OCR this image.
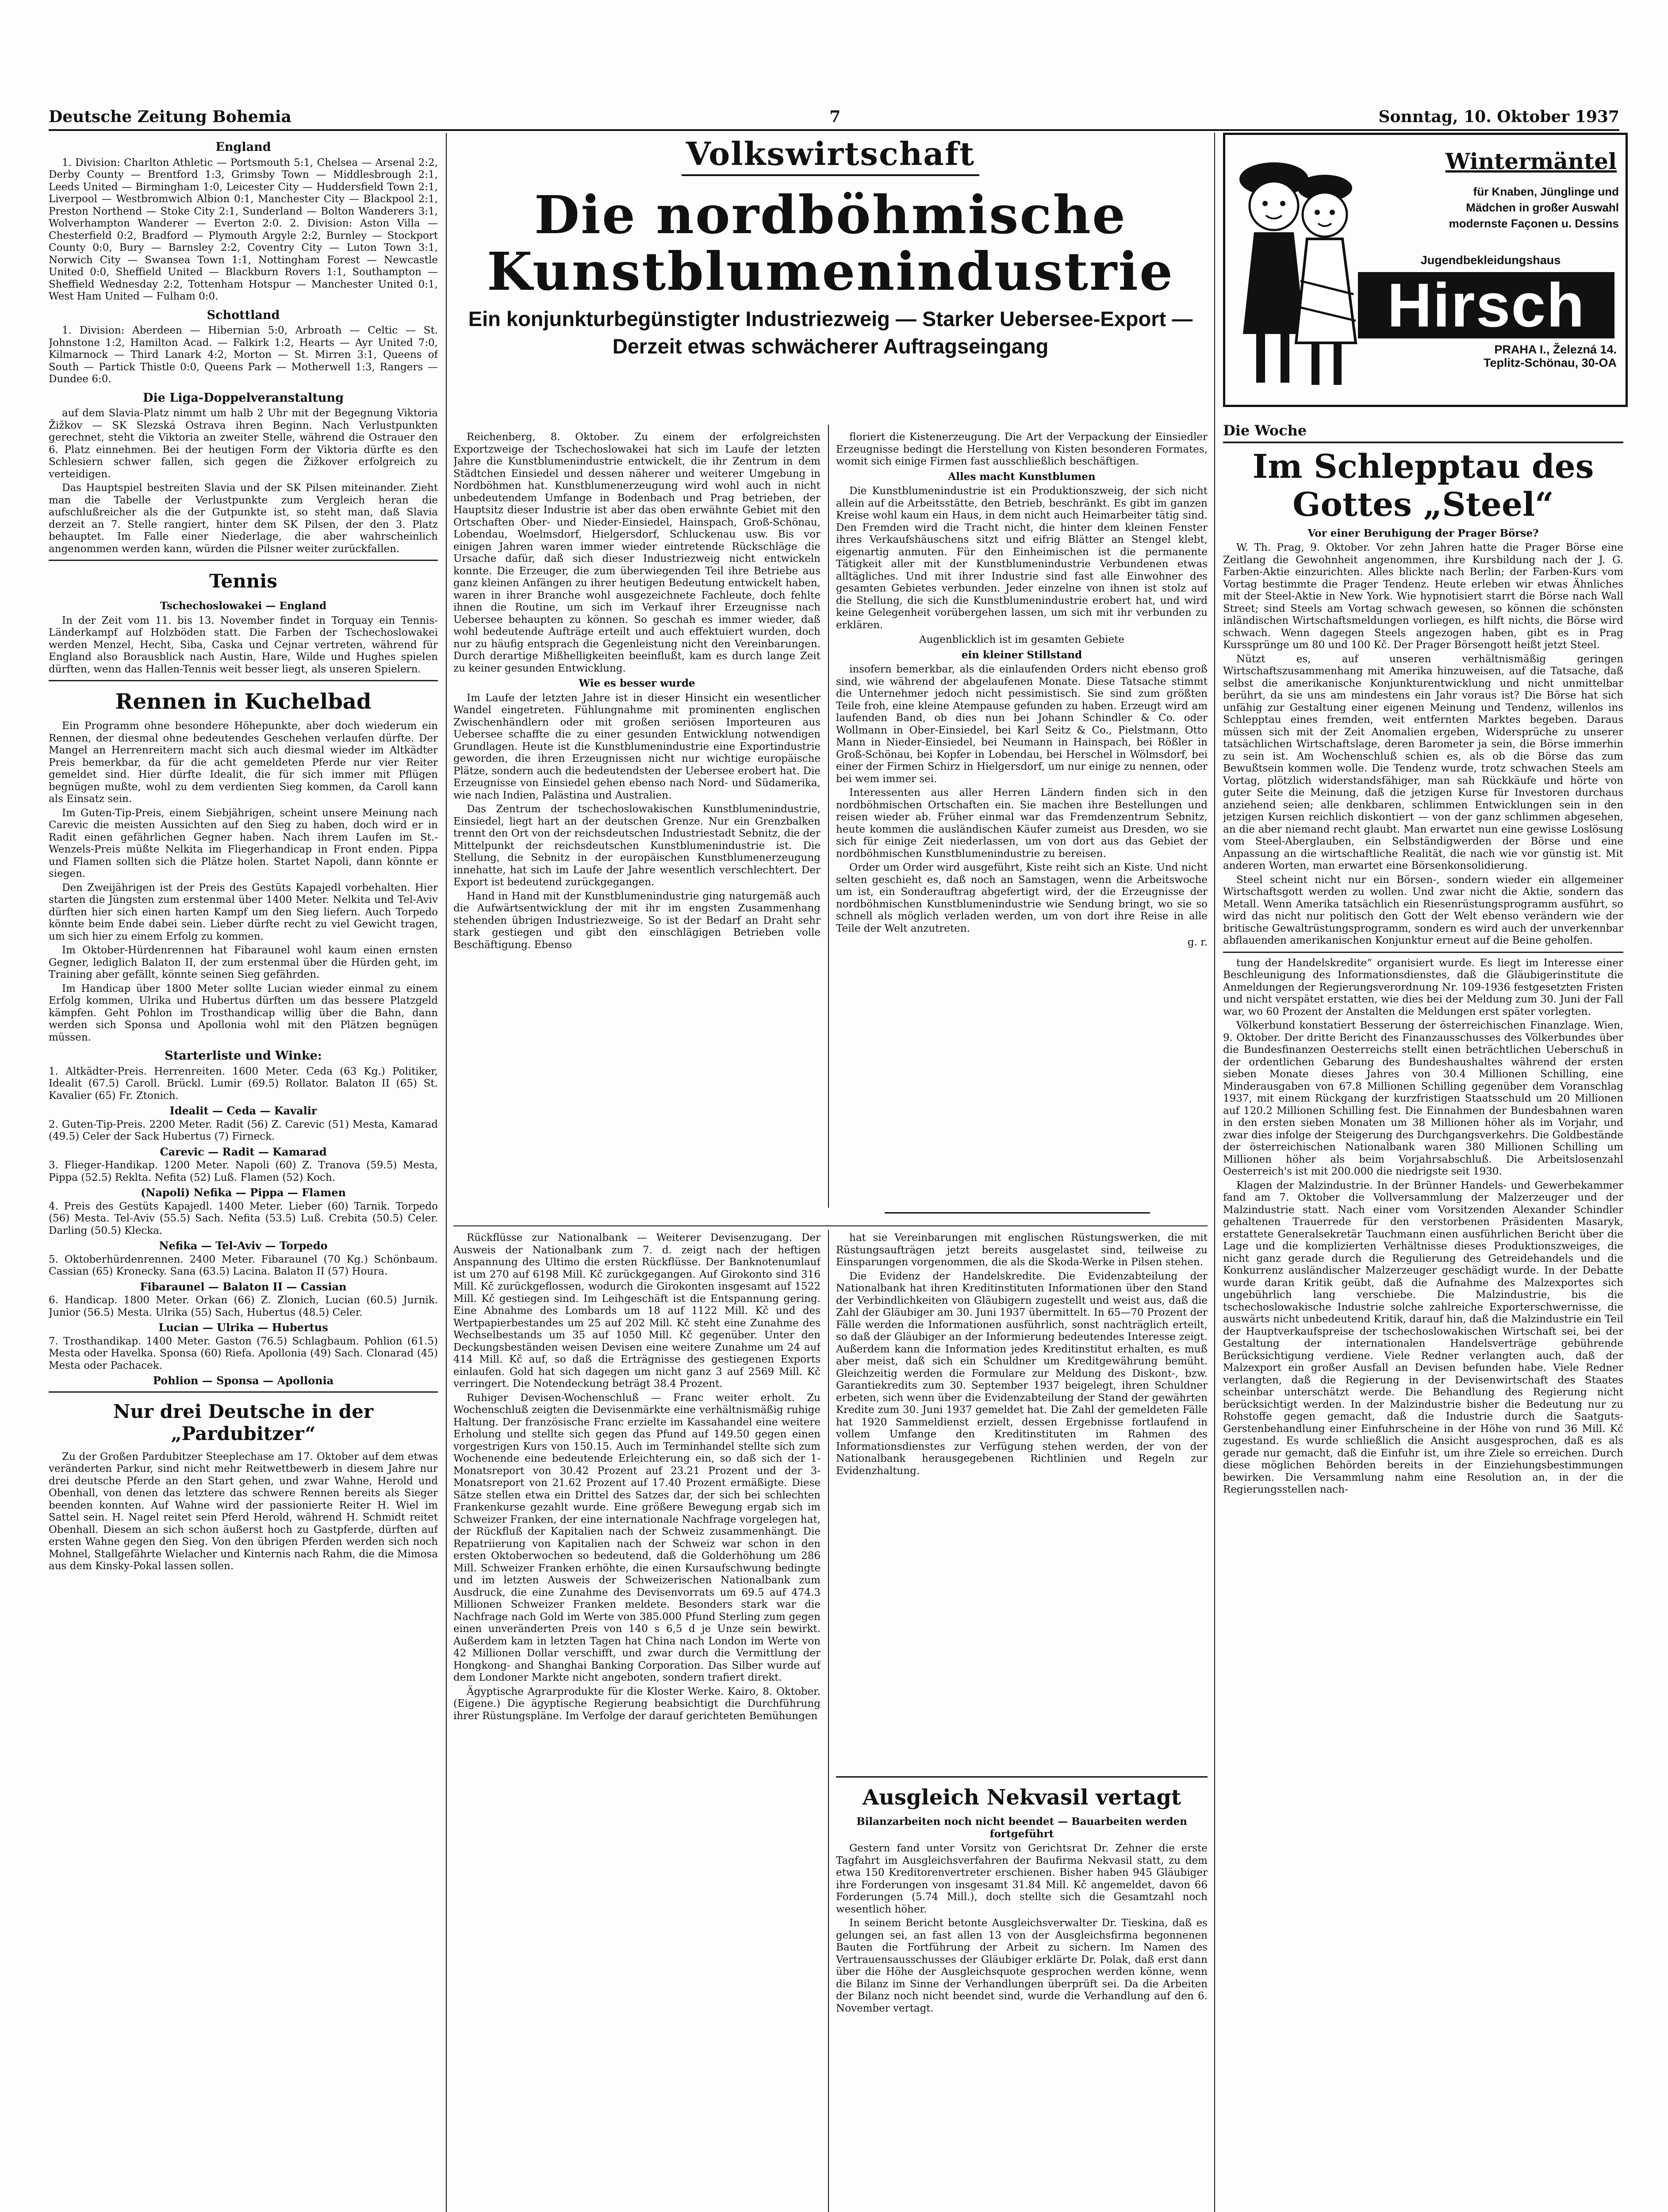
Deutsche Zeitung Bohemia	7	Sonntag, 10. Oktober 1937
England

1. Division: Charlton Athletic — Portsmouth 5:1, Chelsea — Arsenal 2:2, Derby County — Brentford 1:3, Grimsby Town — Middlesbrough 2:1, Leeds United — Birmingham 1:0, Leicester City — Huddersfield Town 2:1, Liverpool — Westbromwich Albion 0:1, Manchester City — Blackpool 2:1, Preston Northend — Stoke City 2:1, Sunderland — Bolton Wanderers 3:1, Wolverhampton Wanderer — Everton 2:0. 2. Division: Aston Villa — Chesterfield 0:2, Bradford — Plymouth Argyle 2:2, Burnley — Stockport County 0:0, Bury — Barnsley 2:2, Coventry City — Luton Town 3:1, Norwich City — Swansea Town 1:1, Nottingham Forest — Newcastle United 0:0, Sheffield United — Blackburn Rovers 1:1, Southampton — Sheffield Wednesday 2:2, Tottenham Hotspur — Manchester United 0:1, West Ham United — Fulham 0:0.

Schottland

1. Division: Aberdeen — Hibernian 5:0, Arbroath — Celtic — St. Johnstone 1:2, Hamilton Acad. — Falkirk 1:2, Hearts — Ayr United 7:0, Kilmarnock — Third Lanark 4:2, Morton — St. Mirren 3:1, Queens of South — Partick Thistle 0:0, Queens Park — Motherwell 1:3, Rangers — Dundee 6:0.

Die Liga-Doppelveranstaltung

auf dem Slavia-Platz nimmt um halb 2 Uhr mit der Begegnung Viktoria Žižkov — SK Slezská Ostrava ihren Beginn. Nach Verlustpunkten gerechnet, steht die Viktoria an zweiter Stelle, während die Ostrauer den 6. Platz einnehmen. Bei der heutigen Form der Viktoria dürfte es den Schlesiern schwer fallen, sich gegen die Žižkover erfolgreich zu verteidigen.

Das Hauptspiel bestreiten Slavia und der SK Pilsen miteinander. Zieht man die Tabelle der Verlustpunkte zum Vergleich heran die aufschlußreicher als die der Gutpunkte ist, so steht man, daß Slavia derzeit an 7. Stelle rangiert, hinter dem SK Pilsen, der den 3. Platz behauptet. Im Falle einer Niederlage, die aber wahrscheinlich angenommen werden kann, würden die Pilsner weiter zurückfallen.

Tennis
Tschechoslowakei — England

In der Zeit vom 11. bis 13. November findet in Torquay ein Tennis-Länderkampf auf Holzböden statt. Die Farben der Tschechoslowakei werden Menzel, Hecht, Siba, Caska und Cejnar vertreten, während für England also Borausblick nach Austin, Hare, Wilde und Hughes spielen dürften, wenn das Hallen-Tennis weit besser liegt, als unseren Spielern.

Rennen in Kuchelbad

Ein Programm ohne besondere Höhepunkte, aber doch wiederum ein Rennen, der diesmal ohne bedeutendes Geschehen verlaufen dürfte. Der Mangel an Herrenreitern macht sich auch diesmal wieder im Altkädter Preis bemerkbar, da für die acht gemeldeten Pferde nur vier Reiter gemeldet sind. Hier dürfte Idealit, die für sich immer mit Pflügen begnügen mußte, wohl zu dem verdienten Sieg kommen, da Caroll kann als Einsatz sein.

Im Guten-Tip-Preis, einem Siebjährigen, scheint unsere Meinung nach Carevic die meisten Aussichten auf den Sieg zu haben, doch wird er in Radit einen gefährlichen Gegner haben. Nach ihrem Laufen im St.-Wenzels-Preis müßte Nelkita im Fliegerhandicap in Front enden. Pippa und Flamen sollten sich die Plätze holen. Startet Napoli, dann könnte er siegen.

Den Zweijährigen ist der Preis des Gestüts Kapajedl vorbehalten. Hier starten die Jüngsten zum erstenmal über 1400 Meter. Nelkita und Tel-Aviv dürften hier sich einen harten Kampf um den Sieg liefern. Auch Torpedo könnte beim Ende dabei sein. Lieber dürfte recht zu viel Gewicht tragen, um sich hier zu einem Erfolg zu kommen.

Im Oktober-Hürdenrennen hat Fibaraunel wohl kaum einen ernsten Gegner, lediglich Balaton II, der zum erstenmal über die Hürden geht, im Training aber gefällt, könnte seinen Sieg gefährden.

Im Handicap über 1800 Meter sollte Lucian wieder einmal zu einem Erfolg kommen, Ulrika und Hubertus dürften um das bessere Platzgeld kämpfen. Geht Pohlon im Trosthandicap willig über die Bahn, dann werden sich Sponsa und Apollonia wohl mit den Plätzen begnügen müssen.

Starterliste und Winke:

1. Altkädter-Preis. Herrenreiten. 1600 Meter. Ceda (63 Kg.) Politiker, Idealit (67.5) Caroll. Brückl. Lumir (69.5) Rollator. Balaton II (65) St. Kavalier (65) Fr. Ztonich.

Idealit — Ceda — Kavalir

2. Guten-Tip-Preis. 2200 Meter. Radit (56) Z. Carevic (51) Mesta, Kamarad (49.5) Celer der Sack Hubertus (7) Firneck.

Carevic — Radit — Kamarad

3. Flieger-Handikap. 1200 Meter. Napoli (60) Z. Tranova (59.5) Mesta, Pippa (52.5) Reklta. Nefita (52) Luß. Flamen (52) Koch.

(Napoli) Nefika — Pippa — Flamen

4. Preis des Gestüts Kapajedl. 1400 Meter. Lieber (60) Tarnik. Torpedo (56) Mesta. Tel-Aviv (55.5) Sach. Nefita (53.5) Luß. Crebita (50.5) Celer. Darling (50.5) Klecka.

Nefika — Tel-Aviv — Torpedo

5. Oktoberhürdenrennen. 2400 Meter. Fibaraunel (70 Kg.) Schönbaum. Cassian (65) Kronecky. Sana (63.5) Lacina. Balaton II (57) Houra.

Fibaraunel — Balaton II — Cassian

6. Handicap. 1800 Meter. Orkan (66) Z. Zlonich, Lucian (60.5) Jurnik. Junior (56.5) Mesta. Ulrika (55) Sach, Hubertus (48.5) Celer.

Lucian — Ulrika — Hubertus

7. Trosthandikap. 1400 Meter. Gaston (76.5) Schlagbaum. Pohlion (61.5) Mesta oder Havelka. Sponsa (60) Riefa. Apollonia (49) Sach. Clonarad (45) Mesta oder Pachacek.

Pohlion — Sponsa — Apollonia
Nur drei Deutsche in der „Pardubitzer“

Zu der Großen Pardubitzer Steeplechase am 17. Oktober auf dem etwas veränderten Parkur, sind nicht mehr Reitwettbewerb in diesem Jahre nur drei deutsche Pferde an den Start gehen, und zwar Wahne, Herold und Obenhall, von denen das letztere das schwere Rennen bereits als Sieger beenden konnten. Auf Wahne wird der passionierte Reiter H. Wiel im Sattel sein. H. Nagel reitet sein Pferd Herold, während H. Schmidt reitet Obenhall. Diesem an sich schon äußerst hoch zu Gastpferde, dürften auf ersten Wahne gegen den Sieg. Von den übrigen Pferden werden sich noch Mohnel, Stallgefährte Wielacher und Kinternis nach Rahm, die die Mimosa aus dem Kinsky-Pokal lassen sollen.

Volkswirtschaft
Die nordböhmische Kunstblumenindustrie
Ein konjunkturbegünstigter Industriezweig — Starker Uebersee-Export — Derzeit etwas schwächerer Auftragseingang

Reichenberg, 8. Oktober. Zu einem der erfolgreichsten Exportzweige der Tschechoslowakei hat sich im Laufe der letzten Jahre die Kunstblumenindustrie entwickelt, die ihr Zentrum in dem Städtchen Einsiedel und dessen näherer und weiterer Umgebung in Nordböhmen hat. Kunstblumenerzeugung wird wohl auch in nicht unbedeutendem Umfange in Bodenbach und Prag betrieben, der Hauptsitz dieser Industrie ist aber das oben erwähnte Gebiet mit den Ortschaften Ober- und Nieder-Einsiedel, Hainspach, Groß-Schönau, Lobendau, Woelmsdorf, Hielgersdorf, Schluckenau usw. Bis vor einigen Jahren waren immer wieder eintretende Rückschläge die Ursache dafür, daß sich dieser Industriezweig nicht entwickeln konnte. Die Erzeuger, die zum überwiegenden Teil ihre Betriebe aus ganz kleinen Anfängen zu ihrer heutigen Bedeutung entwickelt haben, waren in ihrer Branche wohl ausgezeichnete Fachleute, doch fehlte ihnen die Routine, um sich im Verkauf ihrer Erzeugnisse nach Uebersee behaupten zu können. So geschah es immer wieder, daß wohl bedeutende Aufträge erteilt und auch effektuiert wurden, doch nur zu häufig entsprach die Gegenleistung nicht den Vereinbarungen. Durch derartige Mißhelligkeiten beeinflußt, kam es durch lange Zeit zu keiner gesunden Entwicklung.

Wie es besser wurde

Im Laufe der letzten Jahre ist in dieser Hinsicht ein wesentlicher Wandel eingetreten. Fühlungnahme mit prominenten englischen Zwischenhändlern oder mit großen seriösen Importeuren aus Uebersee schaffte die zu einer gesunden Entwicklung notwendigen Grundlagen. Heute ist die Kunstblumenindustrie eine Exportindustrie geworden, die ihren Erzeugnissen nicht nur wichtige europäische Plätze, sondern auch die bedeutendsten der Uebersee erobert hat. Die Erzeugnisse von Einsiedel gehen ebenso nach Nord- und Südamerika, wie nach Indien, Palästina und Australien.

Das Zentrum der tschechoslowakischen Kunstblumenindustrie, Einsiedel, liegt hart an der deutschen Grenze. Nur ein Grenzbalken trennt den Ort von der reichsdeutschen Industriestadt Sebnitz, die der Mittelpunkt der reichsdeutschen Kunstblumenindustrie ist. Die Stellung, die Sebnitz in der europäischen Kunstblumenerzeugung innehatte, hat sich im Laufe der Jahre wesentlich verschlechtert. Der Export ist bedeutend zurückgegangen.

Hand in Hand mit der Kunstblumenindustrie ging naturgemäß auch die Aufwärtsentwicklung der mit ihr im engsten Zusammenhang stehenden übrigen Industriezweige. So ist der Bedarf an Draht sehr stark gestiegen und gibt den einschlägigen Betrieben volle Beschäftigung. Ebenso

floriert die Kistenerzeugung. Die Art der Verpackung der Einsiedler Erzeugnisse bedingt die Herstellung von Kisten besonderen Formates, womit sich einige Firmen fast ausschließlich beschäftigen.

Alles macht Kunstblumen

Die Kunstblumenindustrie ist ein Produktionszweig, der sich nicht allein auf die Arbeitsstätte, den Betrieb, beschränkt. Es gibt im ganzen Kreise wohl kaum ein Haus, in dem nicht auch Heimarbeiter tätig sind. Den Fremden wird die Tracht nicht, die hinter dem kleinen Fenster ihres Verkaufshäuschens sitzt und eifrig Blätter an Stengel klebt, eigenartig anmuten. Für den Einheimischen ist die permanente Tätigkeit aller mit der Kunstblumenindustrie Verbundenen etwas alltägliches. Und mit ihrer Industrie sind fast alle Einwohner des gesamten Gebietes verbunden. Jeder einzelne von ihnen ist stolz auf die Stellung, die sich die Kunstblumenindustrie erobert hat, und wird keine Gelegenheit vorübergehen lassen, um sich mit ihr verbunden zu erklären.

Augenblicklich ist im gesamten Gebiete
ein kleiner Stillstand

insofern bemerkbar, als die einlaufenden Orders nicht ebenso groß sind, wie während der abgelaufenen Monate. Diese Tatsache stimmt die Unternehmer jedoch nicht pessimistisch. Sie sind zum größten Teile froh, eine kleine Atempause gefunden zu haben. Erzeugt wird am laufenden Band, ob dies nun bei Johann Schindler & Co. oder Wollmann in Ober-Einsiedel, bei Karl Seitz & Co., Pielstmann, Otto Mann in Nieder-Einsiedel, bei Neumann in Hainspach, bei Rößler in Groß-Schönau, bei Kopfer in Lobendau, bei Herschel in Wölmsdorf, bei einer der Firmen Schirz in Hielgersdorf, um nur einige zu nennen, oder bei wem immer sei.

Interessenten aus aller Herren Ländern finden sich in den nordböhmischen Ortschaften ein. Sie machen ihre Bestellungen und reisen wieder ab. Früher einmal war das Fremdenzentrum Sebnitz, heute kommen die ausländischen Käufer zumeist aus Dresden, wo sie sich für einige Zeit niederlassen, um von dort aus das Gebiet der nordböhmischen Kunstblumenindustrie zu bereisen.

Order um Order wird ausgeführt, Kiste reiht sich an Kiste. Und nicht selten geschieht es, daß noch an Samstagen, wenn die Arbeitswoche um ist, ein Sonderauftrag abgefertigt wird, der die Erzeugnisse der nordböhmischen Kunstblumenindustrie wie Sendung bringt, wo sie so schnell als möglich verladen werden, um von dort ihre Reise in alle Teile der Welt anzutreten.

g. r.

Rückflüsse zur Nationalbank — Weiterer Devisenzugang. Der Ausweis der Nationalbank zum 7. d. zeigt nach der heftigen Anspannung des Ultimo die ersten Rückflüsse. Der Banknotenumlauf ist um 270 auf 6198 Mill. Kč zurückgegangen. Auf Girokonto sind 316 Mill. Kč zurückgeflossen, wodurch die Girokonten insgesamt auf 1522 Mill. Kč gestiegen sind. Im Leihgeschäft ist die Entspannung gering. Eine Abnahme des Lombards um 18 auf 1122 Mill. Kč und des Wertpapierbestandes um 25 auf 202 Mill. Kč steht eine Zunahme des Wechselbestands um 35 auf 1050 Mill. Kč gegenüber. Unter den Deckungsbeständen weisen Devisen eine weitere Zunahme um 24 auf 414 Mill. Kč auf, so daß die Erträgnisse des gestiegenen Exports einlaufen. Gold hat sich dagegen um nicht ganz 3 auf 2569 Mill. Kč verringert. Die Notendeckung beträgt 38.4 Prozent.

Ruhiger Devisen-Wochenschluß — Franc weiter erholt. Zu Wochenschluß zeigten die Devisenmärkte eine verhältnismäßig ruhige Haltung. Der französische Franc erzielte im Kassahandel eine weitere Erholung und stellte sich gegen das Pfund auf 149.50 gegen einen vorgestrigen Kurs von 150.15. Auch im Terminhandel stellte sich zum Wochenende eine bedeutende Erleichterung ein, so daß sich der 1-Monatsreport von 30.42 Prozent auf 23.21 Prozent und der 3-Monatsreport von 21.62 Prozent auf 17.40 Prozent ermäßigte. Diese Sätze stellen etwa ein Drittel des Satzes dar, der sich bei schlechten Frankenkurse gezahlt wurde. Eine größere Bewegung ergab sich im Schweizer Franken, der eine internationale Nachfrage vorgelegen hat, der Rückfluß der Kapitalien nach der Schweiz zusammenhängt. Die Repatriierung von Kapitalien nach der Schweiz war schon in den ersten Oktoberwochen so bedeutend, daß die Golderhöhung um 286 Mill. Schweizer Franken erhöhte, die einen Kursaufschwung bedingte und im letzten Ausweis der Schweizerischen Nationalbank zum Ausdruck, die eine Zunahme des Devisenvorrats um 69.5 auf 474.3 Millionen Schweizer Franken meldete. Besonders stark war die Nachfrage nach Gold im Werte von 385.000 Pfund Sterling zum gegen einen unveränderten Preis von 140 s 6,5 d je Unze sein bewirkt. Außerdem kam in letzten Tagen hat China nach London im Werte von 42 Millionen Dollar verschifft, und zwar durch die Vermittlung der Hongkong- and Shanghai Banking Corporation. Das Silber wurde auf dem Londoner Markte nicht angeboten, sondern trafiert direkt.

Ägyptische Agrarprodukte für die Kloster Werke. Kairo, 8. Oktober. (Eigene.) Die ägyptische Regierung beabsichtigt die Durchführung ihrer Rüstungspläne. Im Verfolge der darauf gerichteten Bemühungen

hat sie Vereinbarungen mit englischen Rüstungswerken, die mit Rüstungsaufträgen jetzt bereits ausgelastet sind, teilweise zu Einsparungen vorgenommen, die als die Skoda-Werke in Pilsen stehen.

Die Evidenz der Handelskredite. Die Evidenzabteilung der Nationalbank hat ihren Kreditinstituten Informationen über den Stand der Verbindlichkeiten von Gläubigern zugestellt und weist aus, daß die Zahl der Gläubiger am 30. Juni 1937 übermittelt. In 65—70 Prozent der Fälle werden die Informationen ausführlich, sonst nachträglich erteilt, so daß der Gläubiger an der Informierung bedeutendes Interesse zeigt. Außerdem kann die Information jedes Kreditinstitut erhalten, es muß aber meist, daß sich ein Schuldner um Kreditgewährung bemüht. Gleichzeitig werden die Formulare zur Meldung des Diskont-, bzw. Garantiekredits zum 30. September 1937 beigelegt, ihren Schuldner erbeten, sich wenn über die Evidenzabteilung der Stand der gewährten Kredite zum 30. Juni 1937 gemeldet hat. Die Zahl der gemeldeten Fälle hat 1920 Sammeldienst erzielt, dessen Ergebnisse fortlaufend in vollem Umfange den Kreditinstituten im Rahmen des Informationsdienstes zur Verfügung stehen werden, der von der Nationalbank herausgegebenen Richtlinien und Regeln zur Evidenzhaltung.

Ausgleich Nekvasil vertagt
Bilanzarbeiten noch nicht beendet — Bauarbeiten werden fortgeführt

Gestern fand unter Vorsitz von Gerichtsrat Dr. Zehner die erste Tagfahrt im Ausgleichsverfahren der Baufirma Nekvasil statt, zu dem etwa 150 Kreditorenvertreter erschienen. Bisher haben 945 Gläubiger ihre Forderungen von insgesamt 31.84 Mill. Kč angemeldet, davon 66 Forderungen (5.74 Mill.), doch stellte sich die Gesamtzahl noch wesentlich höher.

In seinem Bericht betonte Ausgleichsverwalter Dr. Tieskina, daß es gelungen sei, an fast allen 13 von der Ausgleichsfirma begonnenen Bauten die Fortführung der Arbeit zu sichern. Im Namen des Vertrauensausschusses der Gläubiger erklärte Dr. Polak, daß erst dann über die Höhe der Ausgleichsquote gesprochen werden könne, wenn die Bilanz im Sinne der Verhandlungen überprüft sei. Da die Arbeiten der Bilanz noch nicht beendet sind, wurde die Verhandlung auf den 6. November vertagt.

Wintermäntel
für Knaben, Jünglinge und
Mädchen in großer Auswahl
modernste Façonen u. Dessins
Jugendbekleidungshaus
Hirsch
PRAHA I., Železná 14.
Teplitz-Schönau, 30-OA
Die Woche
Im Schlepptau des Gottes „Steel“
Vor einer Beruhigung der Prager Börse?

W. Th. Prag, 9. Oktober. Vor zehn Jahren hatte die Prager Börse eine Zeitlang die Gewohnheit angenommen, ihre Kursbildung nach der J. G. Farben-Aktie einzurichten. Alles blickte nach Berlin; der Farben-Kurs vom Vortag bestimmte die Prager Tendenz. Heute erleben wir etwas Ähnliches mit der Steel-Aktie in New York. Wie hypnotisiert starrt die Börse nach Wall Street; sind Steels am Vortag schwach gewesen, so können die schönsten inländischen Wirtschaftsmeldungen vorliegen, es hilft nichts, die Börse wird schwach. Wenn dagegen Steels angezogen haben, gibt es in Prag Kurssprünge um 80 und 100 Kč. Der Prager Börsengott heißt jetzt Steel.

Nützt es, auf unseren verhältnismäßig geringen Wirtschaftszusammenhang mit Amerika hinzuweisen, auf die Tatsache, daß selbst die amerikanische Konjunkturentwicklung und nicht unmittelbar berührt, da sie uns am mindestens ein Jahr voraus ist? Die Börse hat sich unfähig zur Gestaltung einer eigenen Meinung und Tendenz, willenlos ins Schlepptau eines fremden, weit entfernten Marktes begeben. Daraus müssen sich mit der Zeit Anomalien ergeben, Widersprüche zu unserer tatsächlichen Wirtschaftslage, deren Barometer ja sein, die Börse immerhin zu sein ist. Am Wochenschluß schien es, als ob die Börse das zum Bewußtsein kommen wolle. Die Tendenz wurde, trotz schwachen Steels am Vortag, plötzlich widerstandsfähiger, man sah Rückkäufe und hörte von guter Seite die Meinung, daß die jetzigen Kurse für Investoren durchaus anziehend seien; alle denkbaren, schlimmen Entwicklungen sein in den jetzigen Kursen reichlich diskontiert — von der ganz schlimmen abgesehen, an die aber niemand recht glaubt. Man erwartet nun eine gewisse Loslösung vom Steel-Aberglauben, ein Selbständigwerden der Börse und eine Anpassung an die wirtschaftliche Realität, die nach wie vor günstig ist. Mit anderen Worten, man erwartet eine Börsenkonsolidierung.

Steel scheint nicht nur ein Börsen-, sondern wieder ein allgemeiner Wirtschaftsgott werden zu wollen. Und zwar nicht die Aktie, sondern das Metall. Wenn Amerika tatsächlich ein Riesenrüstungsprogramm ausführt, so wird das nicht nur politisch den Gott der Welt ebenso verändern wie der britische Gewaltrüstungsprogramm, sondern es wird auch der unverkennbar abflauenden amerikanischen Konjunktur erneut auf die Beine geholfen.

tung der Handelskredite“ organisiert wurde. Es liegt im Interesse einer Beschleunigung des Informationsdienstes, daß die Gläubigerinstitute die Anmeldungen der Regierungsverordnung Nr. 109-1936 festgesetzten Fristen und nicht verspätet erstatten, wie dies bei der Meldung zum 30. Juni der Fall war, wo 60 Prozent der Anstalten die Meldungen erst später vorlegten.

Völkerbund konstatiert Besserung der österreichischen Finanzlage. Wien, 9. Oktober. Der dritte Bericht des Finanzausschusses des Völkerbundes über die Bundesfinanzen Oesterreichs stellt einen beträchtlichen Ueberschuß in der ordentlichen Gebarung des Bundeshaushaltes während der ersten sieben Monate dieses Jahres von 30.4 Millionen Schilling, eine Minderausgaben von 67.8 Millionen Schilling gegenüber dem Voranschlag 1937, mit einem Rückgang der kurzfristigen Staatsschuld um 20 Millionen auf 120.2 Millionen Schilling fest. Die Einnahmen der Bundesbahnen waren in den ersten sieben Monaten um 38 Millionen höher als im Vorjahr, und zwar dies infolge der Steigerung des Durchgangsverkehrs. Die Goldbestände der österreichischen Nationalbank waren 380 Millionen Schilling um Millionen höher als beim Vorjahrsabschluß. Die Arbeitslosenzahl Oesterreich's ist mit 200.000 die niedrigste seit 1930.

Klagen der Malzindustrie. In der Brünner Handels- und Gewerbekammer fand am 7. Oktober die Vollversammlung der Malzerzeuger und der Malzindustrie statt. Nach einer vom Vorsitzenden Alexander Schindler gehaltenen Trauerrede für den verstorbenen Präsidenten Masaryk, erstattete Generalsekretär Tauchmann einen ausführlichen Bericht über die Lage und die komplizierten Verhältnisse dieses Produktionszweiges, die nicht ganz gerade durch die Regulierung des Getreidehandels und die Konkurrenz ausländischer Malzerzeuger geschädigt wurde. In der Debatte wurde daran Kritik geübt, daß die Aufnahme des Malzexportes sich ungebührlich lang verschiebe. Die Malzindustrie, bis die tschechoslowakische Industrie solche zahlreiche Exporterschwernisse, die auswärts nicht unbedeutend Kritik, darauf hin, daß die Malzindustrie ein Teil der Hauptverkaufspreise der tschechoslowakischen Wirtschaft sei, bei der Gestaltung der internationalen Handelsverträge gebührende Berücksichtigung verdiene. Viele Redner verlangten auch, daß der Malzexport ein großer Ausfall an Devisen befunden habe. Viele Redner verlangten, daß die Regierung in der Devisenwirtschaft des Staates scheinbar unterschätzt werde. Die Behandlung des Regierung nicht berücksichtigt werden. In der Malzindustrie bisher die Bedeutung nur zu Rohstoffe gegen gemacht, daß die Industrie durch die Saatguts-Gerstenbehandlung einer Einfuhrscheine in der Höhe von rund 36 Mill. Kč zugestand. Es wurde schließlich die Ansicht ausgesprochen, daß es als gerade nur gemacht, daß die Einfuhr ist, um ihre Ziele so erreichen. Durch diese möglichen Behörden bereits in der Einziehungsbestimmungen bewirken. Die Versammlung nahm eine Resolution an, in der die Regierungsstellen nach-
